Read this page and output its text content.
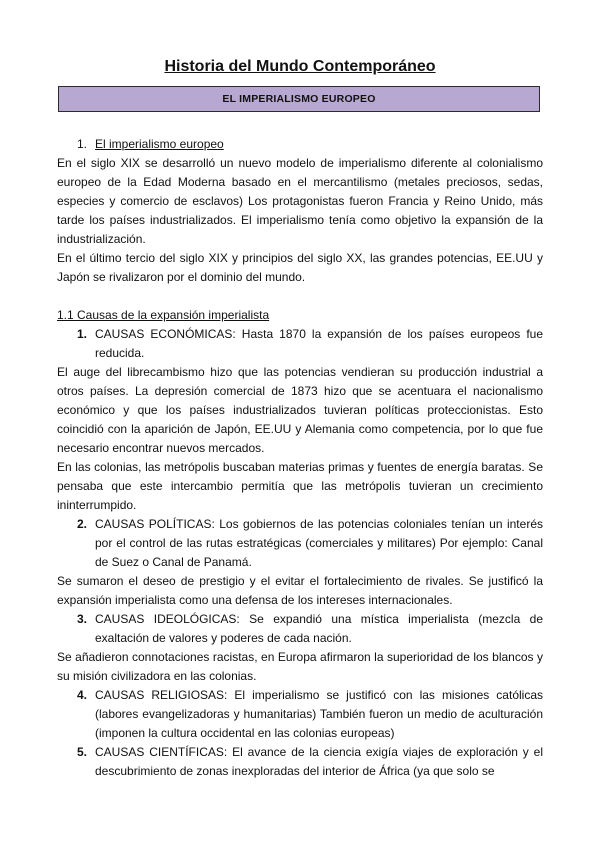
Historia del Mundo Contemporáneo
EL IMPERIALISMO EUROPEO
1. El imperialismo europeo

En el siglo XIX se desarrolló un nuevo modelo de imperialismo diferente al colonialismo europeo de la Edad Moderna basado en el mercantilismo (metales preciosos, sedas, especies y comercio de esclavos) Los protagonistas fueron Francia y Reino Unido, más tarde los países industrializados. El imperialismo tenía como objetivo la expansión de la industrialización.

En el último tercio del siglo XIX y principios del siglo XX, las grandes potencias, EE.UU y Japón se rivalizaron por el dominio del mundo.

1.1 Causas de la expansión imperialista
1. CAUSAS ECONÓMICAS: Hasta 1870 la expansión de los países europeos fue reducida.

El auge del librecambismo hizo que las potencias vendieran su producción industrial a otros países. La depresión comercial de 1873 hizo que se acentuara el nacionalismo económico y que los países industrializados tuvieran políticas proteccionistas. Esto coincidió con la aparición de Japón, EE.UU y Alemania como competencia, por lo que fue necesario encontrar nuevos mercados.

En las colonias, las metrópolis buscaban materias primas y fuentes de energía baratas. Se pensaba que este intercambio permitía que las metrópolis tuvieran un crecimiento ininterrumpido.

2. CAUSAS POLÍTICAS: Los gobiernos de las potencias coloniales tenían un interés por el control de las rutas estratégicas (comerciales y militares) Por ejemplo: Canal de Suez o Canal de Panamá.

Se sumaron el deseo de prestigio y el evitar el fortalecimiento de rivales. Se justificó la expansión imperialista como una defensa de los intereses internacionales.

3. CAUSAS IDEOLÓGICAS: Se expandió una mística imperialista (mezcla de exaltación de valores y poderes de cada nación.

Se añadieron connotaciones racistas, en Europa afirmaron la superioridad de los blancos y su misión civilizadora en las colonias.

4. CAUSAS RELIGIOSAS: El imperialismo se justificó con las misiones católicas (labores evangelizadoras y humanitarias) También fueron un medio de aculturación (imponen la cultura occidental en las colonias europeas)
5. CAUSAS CIENTÍFICAS: El avance de la ciencia exigía viajes de exploración y el descubrimiento de zonas inexploradas del interior de África (ya que solo se
